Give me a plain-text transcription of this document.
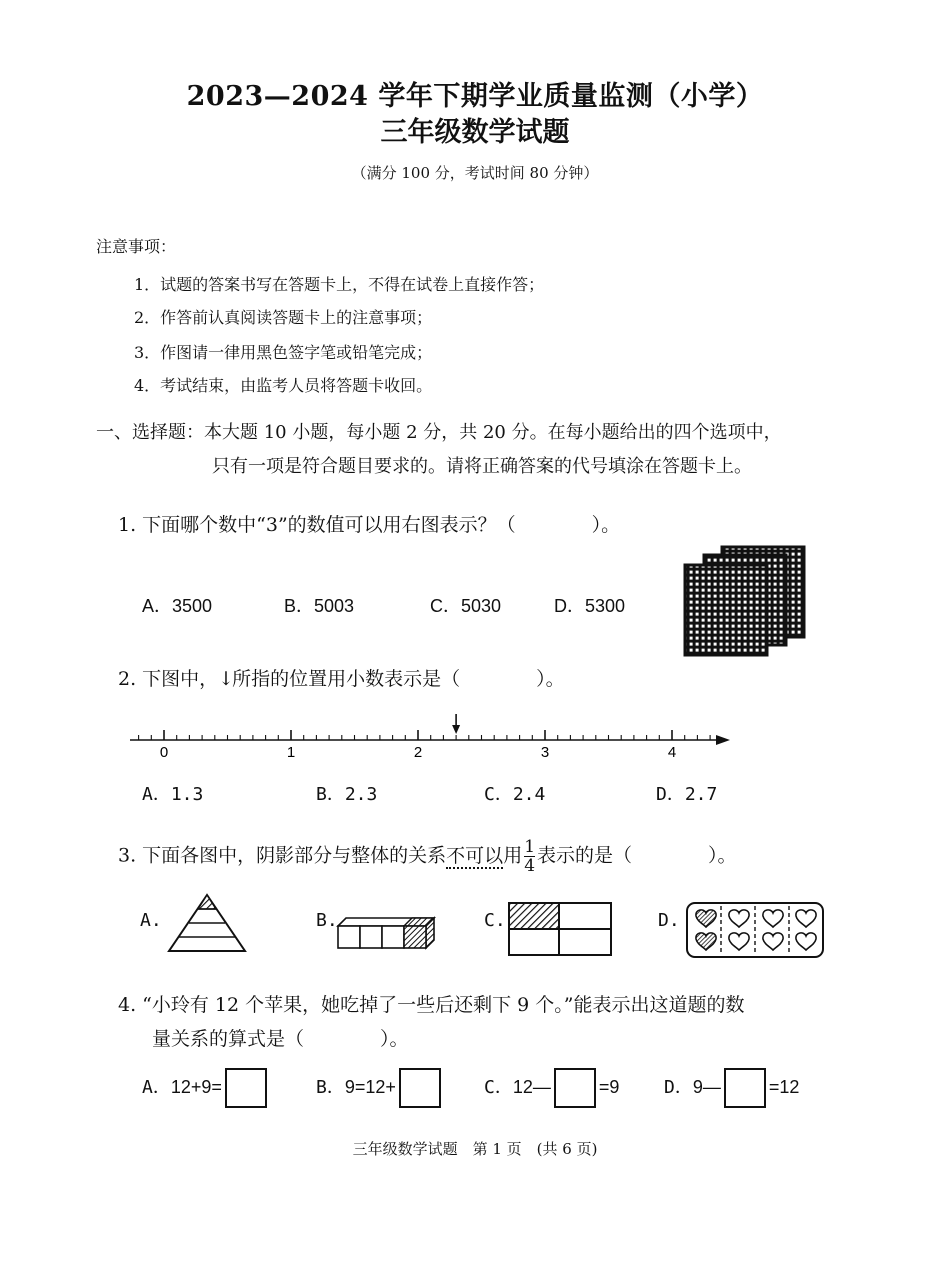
2023—2024 学年下期学业质量监测（小学）
三年级数学试题
（满分 100 分，考试时间 80 分钟）
注意事项：
1．试题的答案书写在答题卡上，不得在试卷上直接作答；
2．作答前认真阅读答题卡上的注意事项；
3．作图请一律用黑色签字笔或铅笔完成；
4．考试结束，由监考人员将答题卡收回。
一、选择题：本大题 10 小题，每小题 2 分，共 20 分。在每小题给出的四个选项中，
只有一项是符合题目要求的。请将正确答案的代号填涂在答题卡上。
1. 下面哪个数中“3”的数值可以用右图表示？（　　　　）。
A．3500	B．5003	C．5030	D．5300
2. 下图中，↓所指的位置用小数表示是（　　　　）。
0	1	2	3	4
A．1.3	B．2.3	C．2.4	D．2.7
3. 下面各图中，阴影部分与整体的关系不可以用 $\frac{1}{4}$ 表示的是（　　　　）。
A.	B.	C.	D.
4. “小玲有 12 个苹果，她吃掉了一些后还剩下 9 个。”能表示出这道题的数
量关系的算式是（　　　　）。
A．12+9=	B．9=12+	C．12—	=9 D．9—	=12
三年级数学试题　第 1 页　(共 6 页)
